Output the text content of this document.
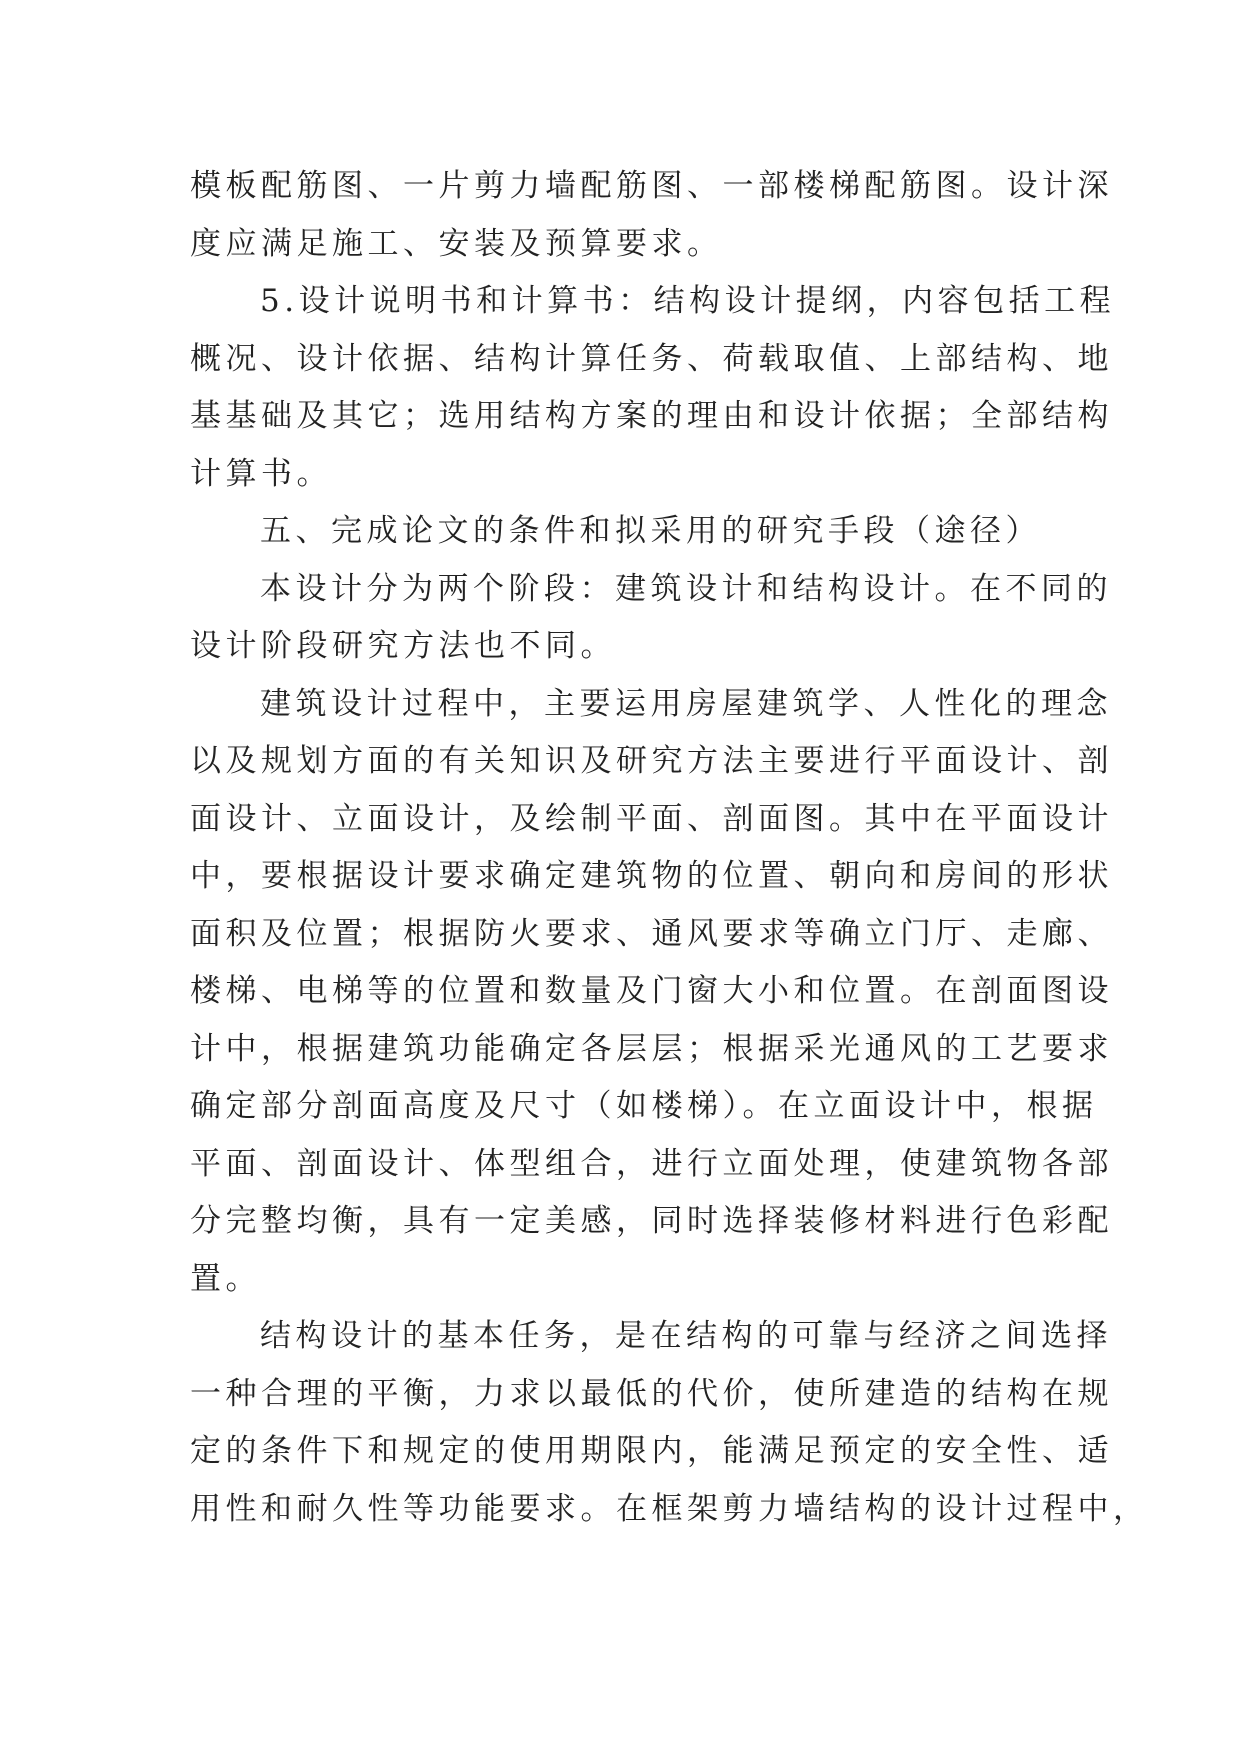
模板配筋图、一片剪力墙配筋图、一部楼梯配筋图。设计深
度应满足施工、安装及预算要求。
5.设计说明书和计算书：结构设计提纲，内容包括工程
概况、设计依据、结构计算任务、荷载取值、上部结构、地
基基础及其它；选用结构方案的理由和设计依据；全部结构
计算书。
五、完成论文的条件和拟采用的研究手段（途径）
本设计分为两个阶段：建筑设计和结构设计。在不同的
设计阶段研究方法也不同。
建筑设计过程中，主要运用房屋建筑学、人性化的理念
以及规划方面的有关知识及研究方法主要进行平面设计、剖
面设计、立面设计，及绘制平面、剖面图。其中在平面设计
中，要根据设计要求确定建筑物的位置、朝向和房间的形状
面积及位置；根据防火要求、通风要求等确立门厅、走廊、
楼梯、电梯等的位置和数量及门窗大小和位置。在剖面图设
计中，根据建筑功能确定各层层；根据采光通风的工艺要求
确定部分剖面高度及尺寸（如楼梯）。在立面设计中，根据
平面、剖面设计、体型组合，进行立面处理，使建筑物各部
分完整均衡，具有一定美感，同时选择装修材料进行色彩配
置。
结构设计的基本任务，是在结构的可靠与经济之间选择
一种合理的平衡，力求以最低的代价，使所建造的结构在规
定的条件下和规定的使用期限内，能满足预定的安全性、适
用性和耐久性等功能要求。在框架剪力墙结构的设计过程中，
